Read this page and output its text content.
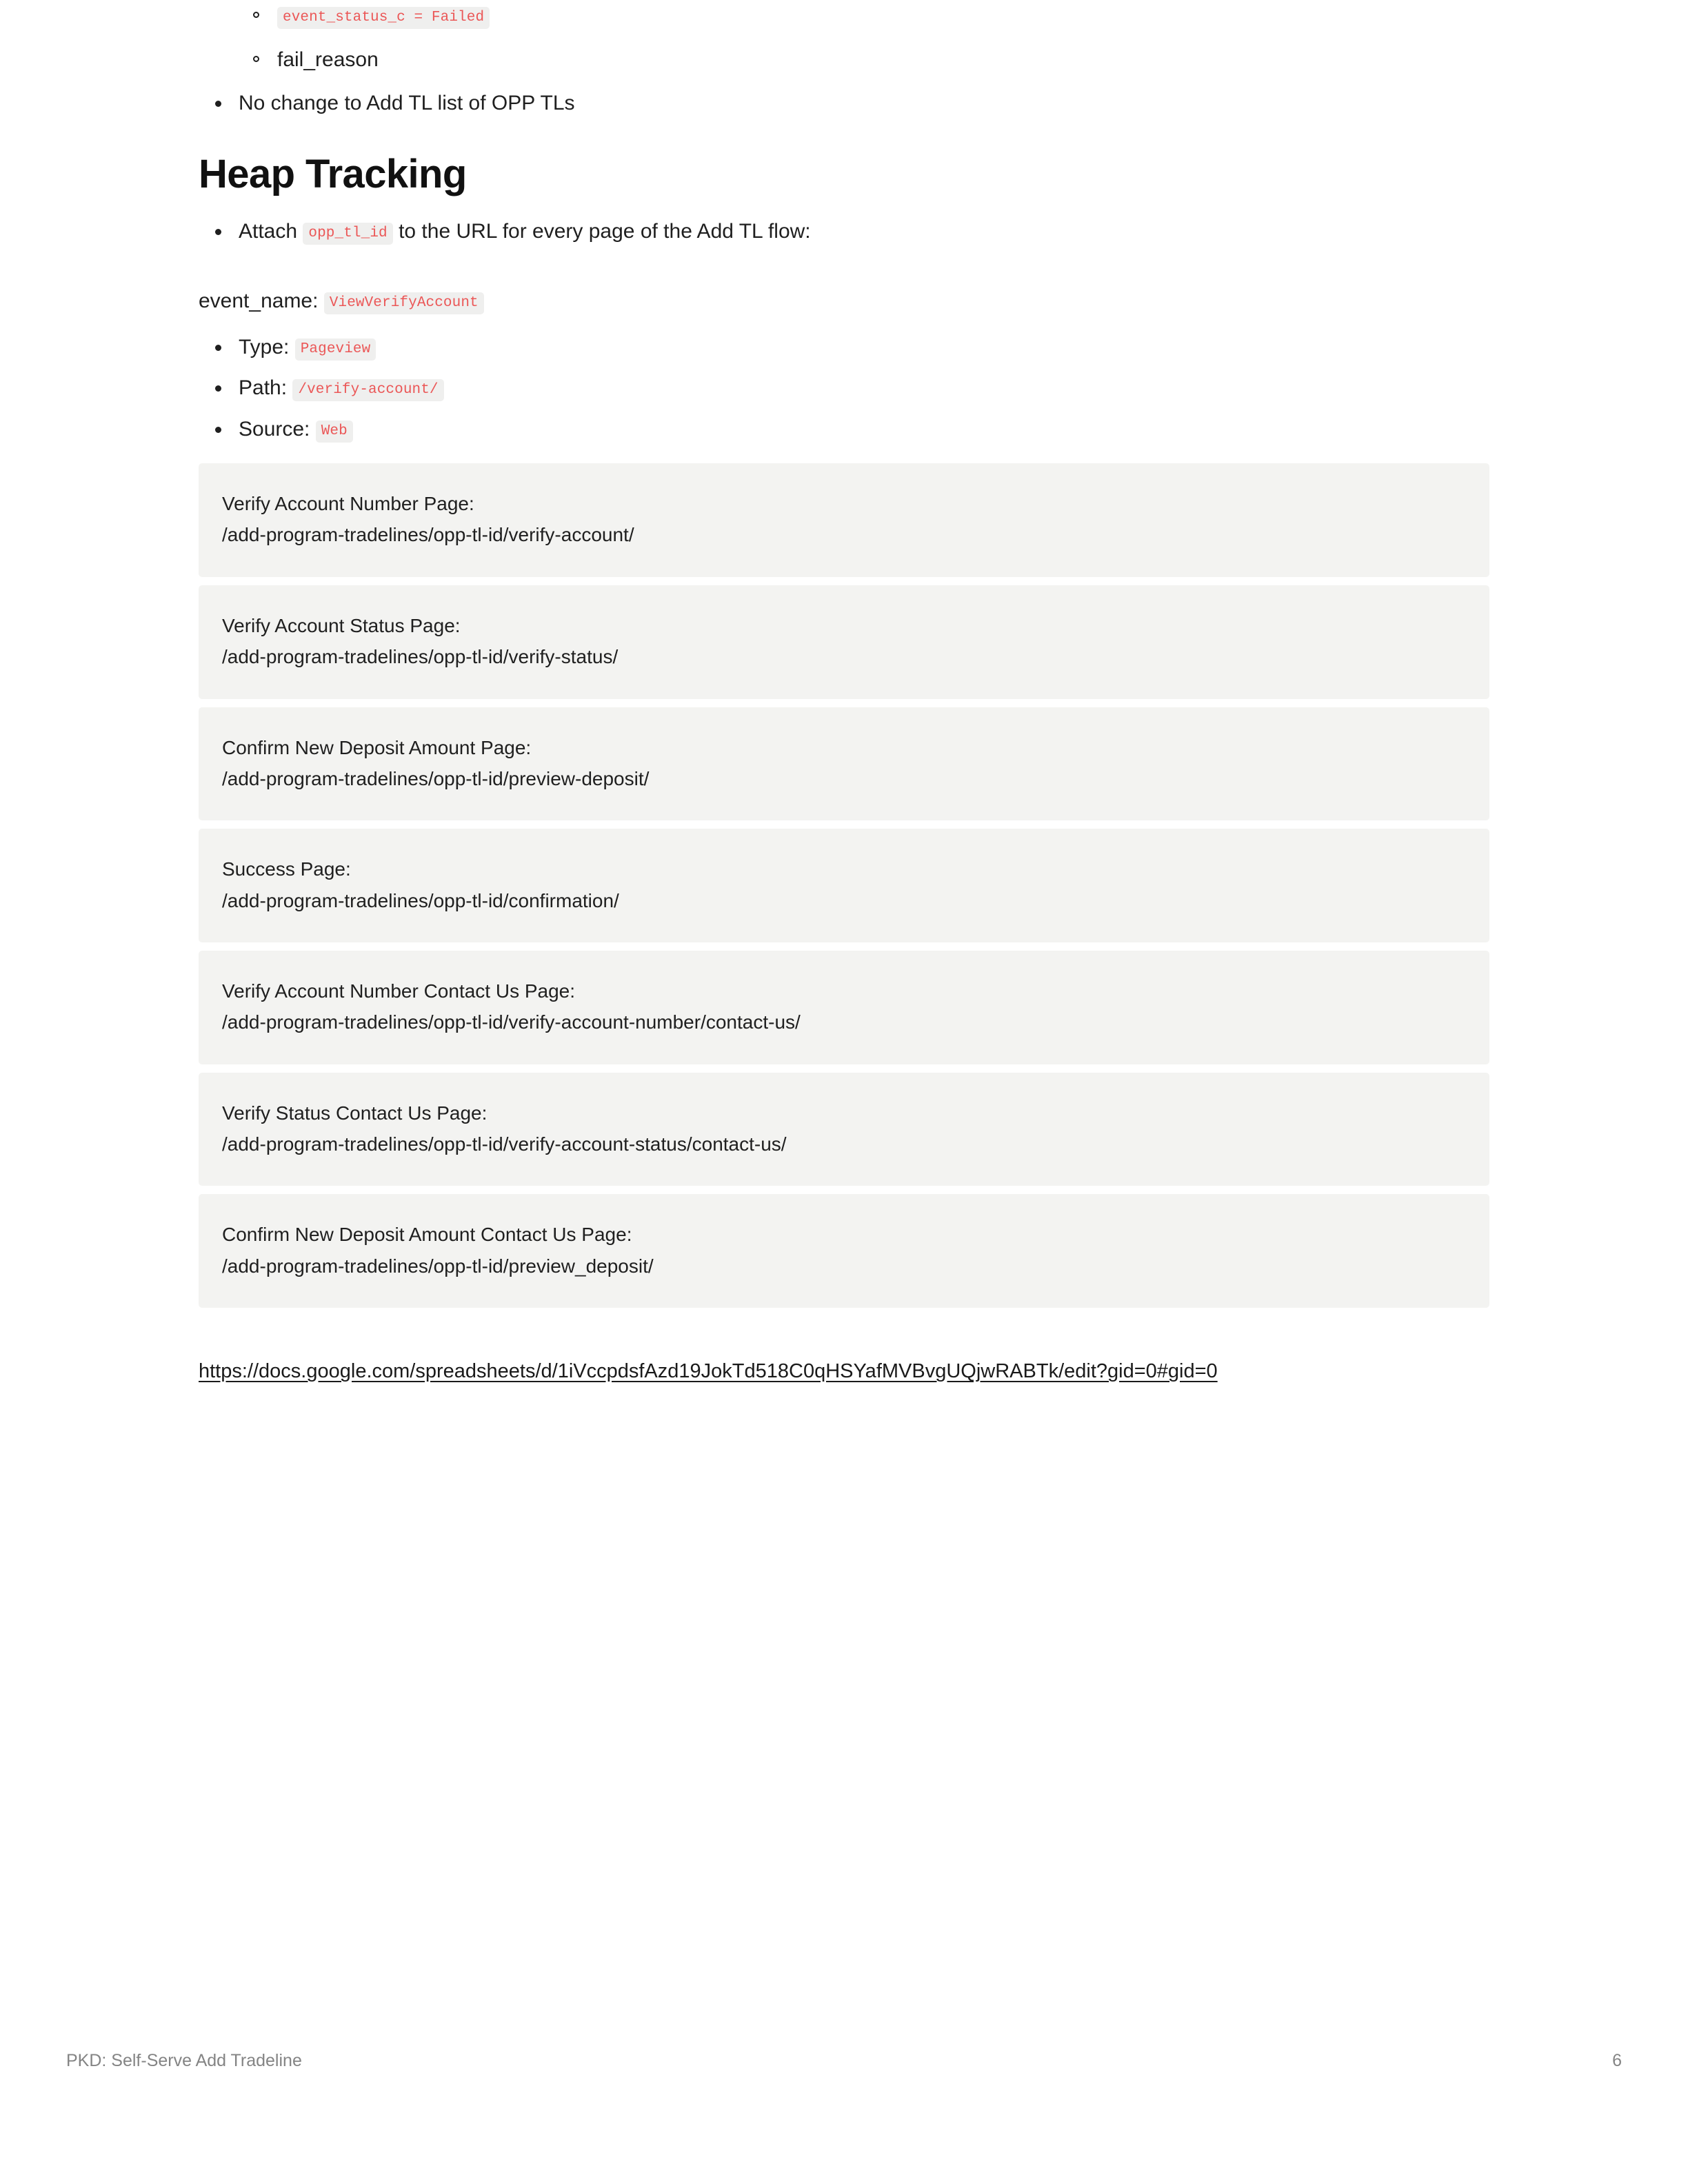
event_status_c = Failed
fail_reason
No change to Add TL list of OPP TLs
Heap Tracking
Attach opp_tl_id to the URL for every page of the Add TL flow:

event_name: ViewVerifyAccount

Type: Pageview
Path: /verify-account/
Source: Web
Verify Account Number Page:
/add-program-tradelines/opp-tl-id/verify-account/
Verify Account Status Page:
/add-program-tradelines/opp-tl-id/verify-status/
Confirm New Deposit Amount Page:
/add-program-tradelines/opp-tl-id/preview-deposit/
Success Page:
/add-program-tradelines/opp-tl-id/confirmation/
Verify Account Number Contact Us Page:
/add-program-tradelines/opp-tl-id/verify-account-number/contact-us/
Verify Status Contact Us Page:
/add-program-tradelines/opp-tl-id/verify-account-status/contact-us/
Confirm New Deposit Amount Contact Us Page:
/add-program-tradelines/opp-tl-id/preview_deposit/
https://docs.google.com/spreadsheets/d/1iVccpdsfAzd19JokTd518C0qHSYafMVBvgUQjwRABTk/edit?gid=0#gid=0
PKD: Self-Serve Add Tradeline	6
